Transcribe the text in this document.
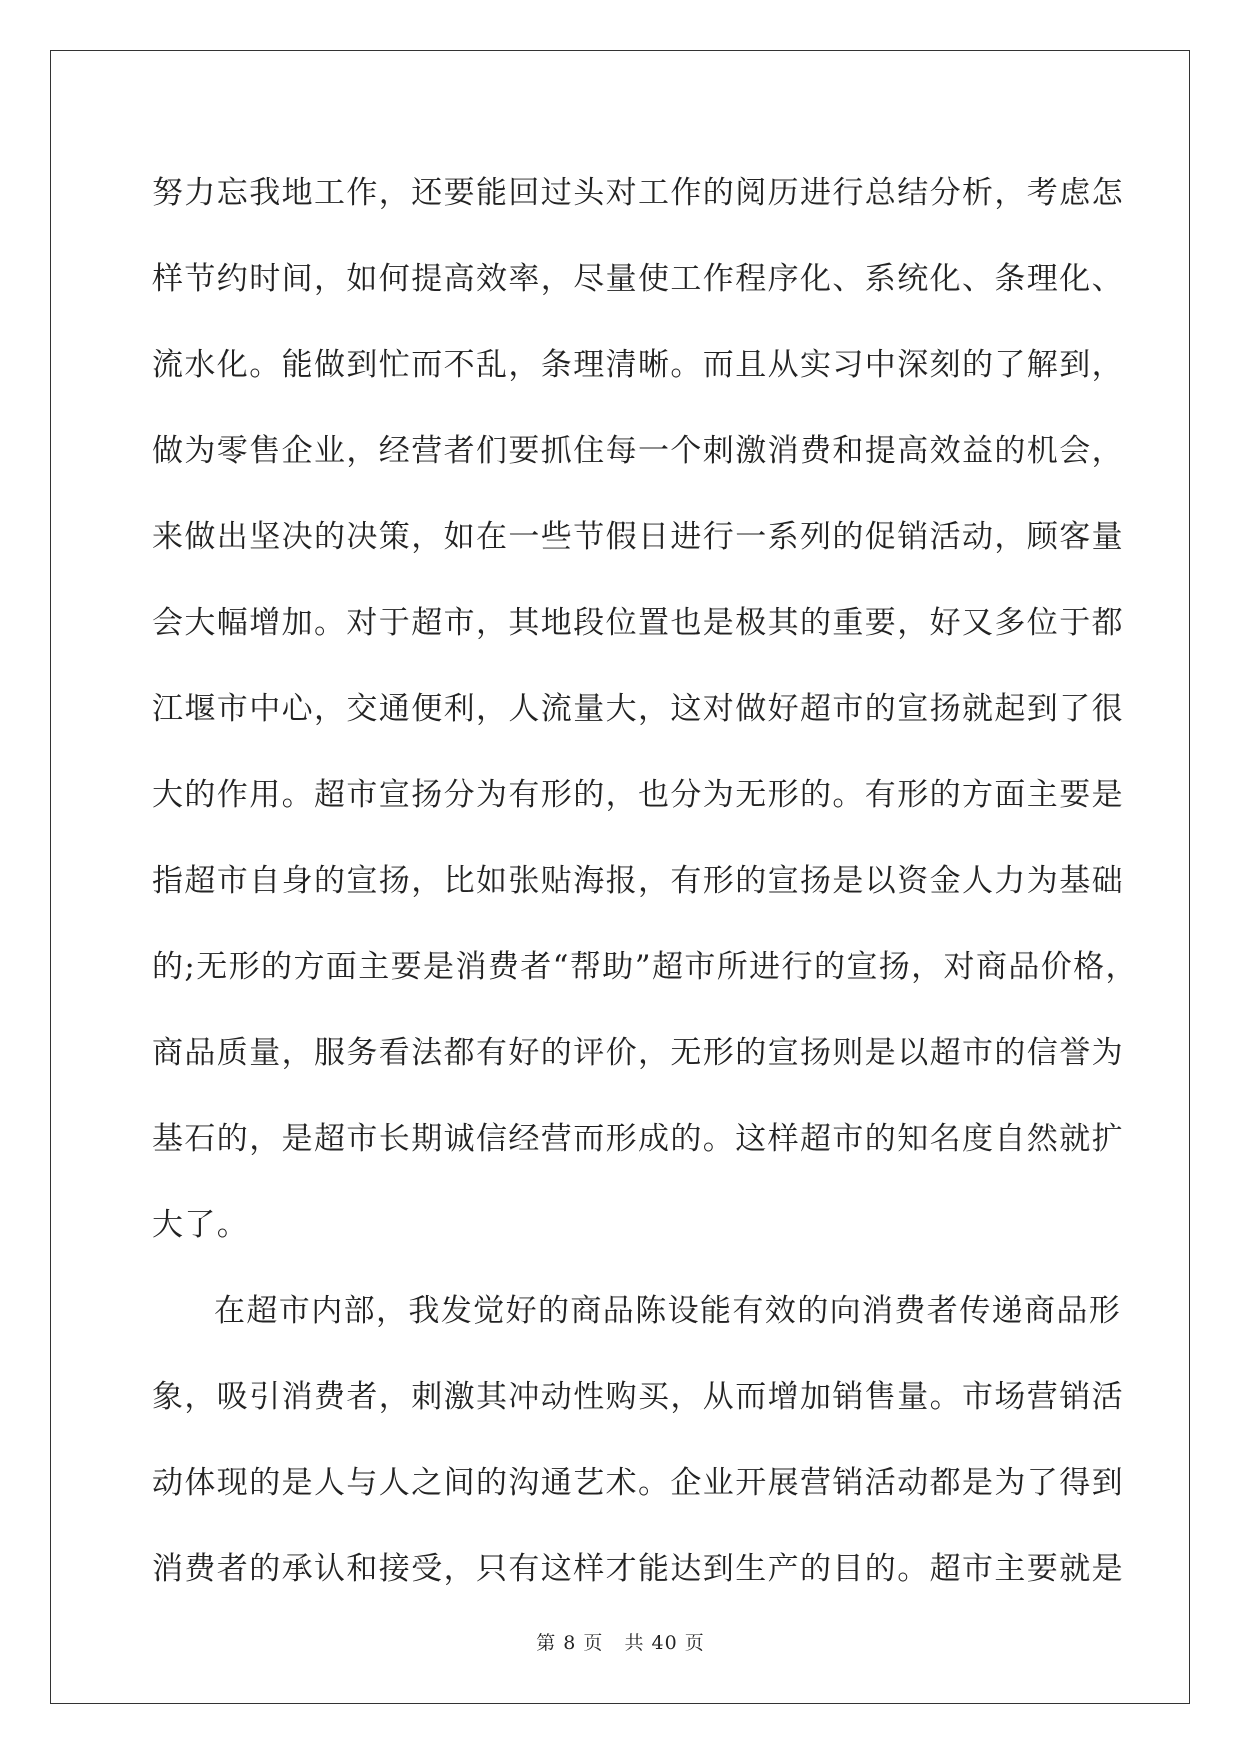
努力忘我地工作，还要能回过头对工作的阅历进行总结分析，考虑怎
样节约时间，如何提高效率，尽量使工作程序化、系统化、条理化、
流水化。能做到忙而不乱，条理清晰。而且从实习中深刻的了解到，
做为零售企业，经营者们要抓住每一个刺激消费和提高效益的机会，
来做出坚决的决策，如在一些节假日进行一系列的促销活动，顾客量
会大幅增加。对于超市，其地段位置也是极其的重要，好又多位于都
江堰市中心，交通便利，人流量大，这对做好超市的宣扬就起到了很
大的作用。超市宣扬分为有形的，也分为无形的。有形的方面主要是
指超市自身的宣扬，比如张贴海报，有形的宣扬是以资金人力为基础
的;无形的方面主要是消费者“帮助”超市所进行的宣扬，对商品价格，
商品质量，服务看法都有好的评价，无形的宣扬则是以超市的信誉为
基石的，是超市长期诚信经营而形成的。这样超市的知名度自然就扩
大了。

在超市内部，我发觉好的商品陈设能有效的向消费者传递商品形
象，吸引消费者，刺激其冲动性购买，从而增加销售量。市场营销活
动体现的是人与人之间的沟通艺术。企业开展营销活动都是为了得到
消费者的承认和接受，只有这样才能达到生产的目的。超市主要就是

第 8 页 共 40 页
